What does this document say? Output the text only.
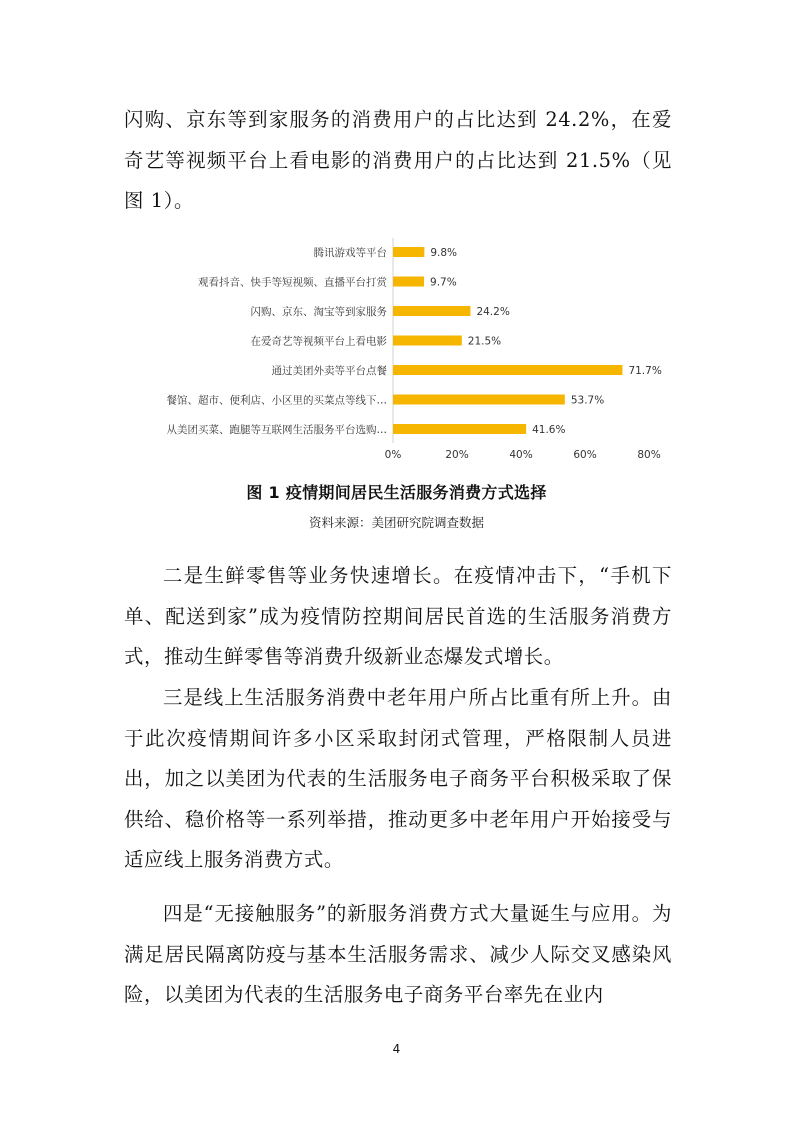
闪购、京东等到家服务的消费用户的占比达到 24.2%，在爱奇艺等视频平台上看电影的消费用户的占比达到 21.5%（见图 1）。

腾讯游戏等平台	9.8%
观看抖音、快手等短视频、直播平台打赏	9.7%
闪购、京东、淘宝等到家服务	24.2%
在爱奇艺等视频平台上看电影	21.5%
通过美团外卖等平台点餐	71.7%
餐馆、超市、便利店、小区里的买菜点等线下…	53.7%
从美团买菜、跑腿等互联网生活服务平台选购…	41.6%
0%	20%	40%	60%	80%
图 1 疫情期间居民生活服务消费方式选择
资料来源：美团研究院调查数据

二是生鲜零售等业务快速增长。在疫情冲击下，“手机下单、配送到家”成为疫情防控期间居民首选的生活服务消费方式，推动生鲜零售等消费升级新业态爆发式增长。

三是线上生活服务消费中老年用户所占比重有所上升。由于此次疫情期间许多小区采取封闭式管理，严格限制人员进出，加之以美团为代表的生活服务电子商务平台积极采取了保供给、稳价格等一系列举措，推动更多中老年用户开始接受与适应线上服务消费方式。

四是“无接触服务”的新服务消费方式大量诞生与应用。为满足居民隔离防疫与基本生活服务需求、减少人际交叉感染风险，以美团为代表的生活服务电子商务平台率先在业内

4
